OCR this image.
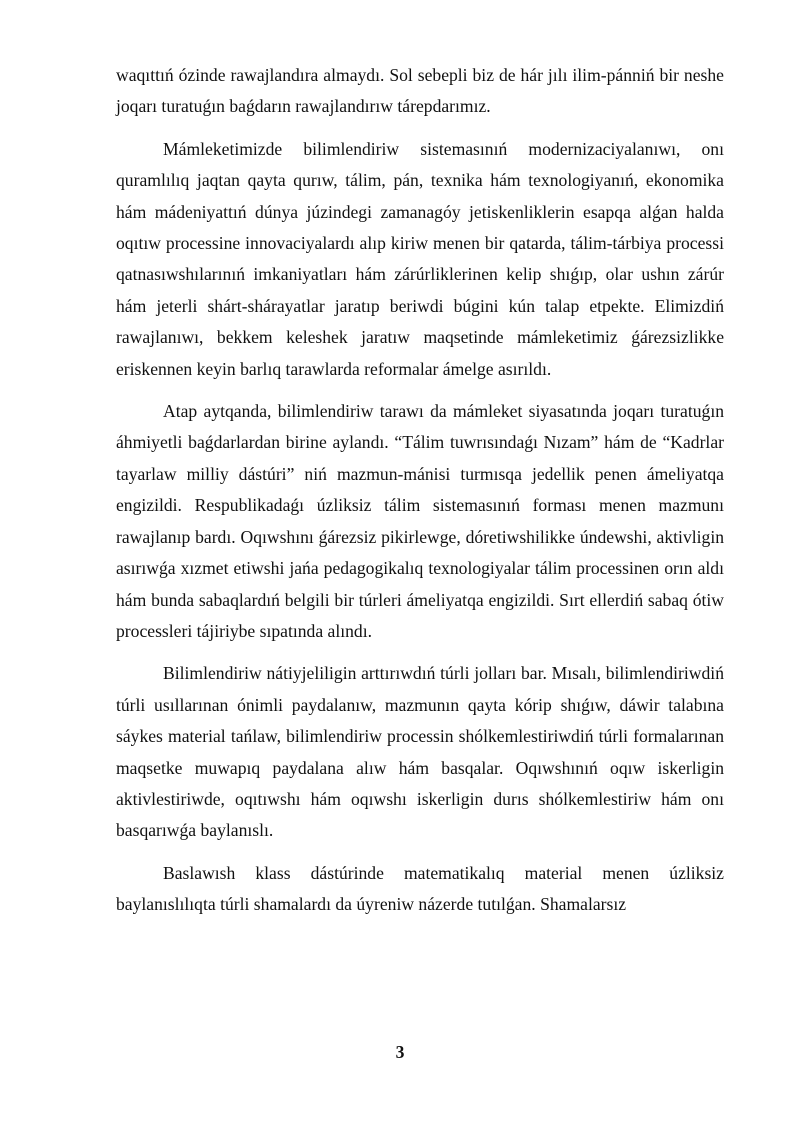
waqıttıń ózinde rawajlandıra almaydı. Sol sebepli biz de hár jılı ilim-pánniń bir neshe joqarı turatuǵın baǵdarın rawajlandırıw tárepdarımız.

Mámleketimizde bilimlendiriw sistemasınıń modernizaciyalanıwı, onı quramlılıq jaqtan qayta qurıw, tálim, pán, texnika hám texnologiyanıń, ekonomika hám mádeniyattıń dúnya júzindegi zamanagóy jetiskenliklerin esapqa alǵan halda oqıtıw processine innovaciyalardı alıp kiriw menen bir qatarda, tálim-tárbiya processi qatnasıwshılarınıń imkaniyatları hám zárúrliklerinen kelip shıǵıp, olar ushın zárúr hám jeterli shárt-shárayatlar jaratıp beriwdi búgini kún talap etpekte. Elimizdiń rawajlanıwı, bekkem keleshek jaratıw maqsetinde mámleketimiz ǵárezsizlikke eriskennen keyin barlıq tarawlarda reformalar ámelge asırıldı.

Atap aytqanda, bilimlendiriw tarawı da mámleket siyasatında joqarı turatuǵın áhmiyetli baǵdarlardan birine aylandı. “Tálim tuwrısındaǵı Nızam” hám de “Kadrlar tayarlaw milliy dástúri” niń mazmun-mánisi turmısqa jedellik penen ámeliyatqa engizildi. Respublikadaǵı úzliksiz tálim sistemasınıń forması menen mazmunı rawajlanıp bardı. Oqıwshını ǵárezsiz pikirlewge, dóretiwshilikke úndewshi, aktivligin asırıwǵa xızmet etiwshi jańa pedagogikalıq texnologiyalar tálim processinen orın aldı hám bunda sabaqlardıń belgili bir túrleri ámeliyatqa engizildi. Sırt ellerdiń sabaq ótiw processleri tájiriybe sıpatında alındı.

Bilimlendiriw nátiyjeliligin arttırıwdıń túrli jolları bar. Mısalı, bilimlendiriwdiń túrli usıllarınan ónimli paydalanıw, mazmunın qayta kórip shıǵıw, dáwir talabına sáykes material tańlaw, bilimlendiriw processin shólkemlestiriwdiń túrli formalarınan maqsetke muwapıq paydalana alıw hám basqalar. Oqıwshınıń oqıw iskerligin aktivlestiriwde, oqıtıwshı hám oqıwshı iskerligin durıs shólkemlestiriw hám onı basqarıwǵa baylanıslı.

Baslawısh klass dástúrinde matematikalıq material menen úzliksiz baylanıslılıqta túrli shamalardı da úyreniw názerde tutılǵan. Shamalarsız

3
